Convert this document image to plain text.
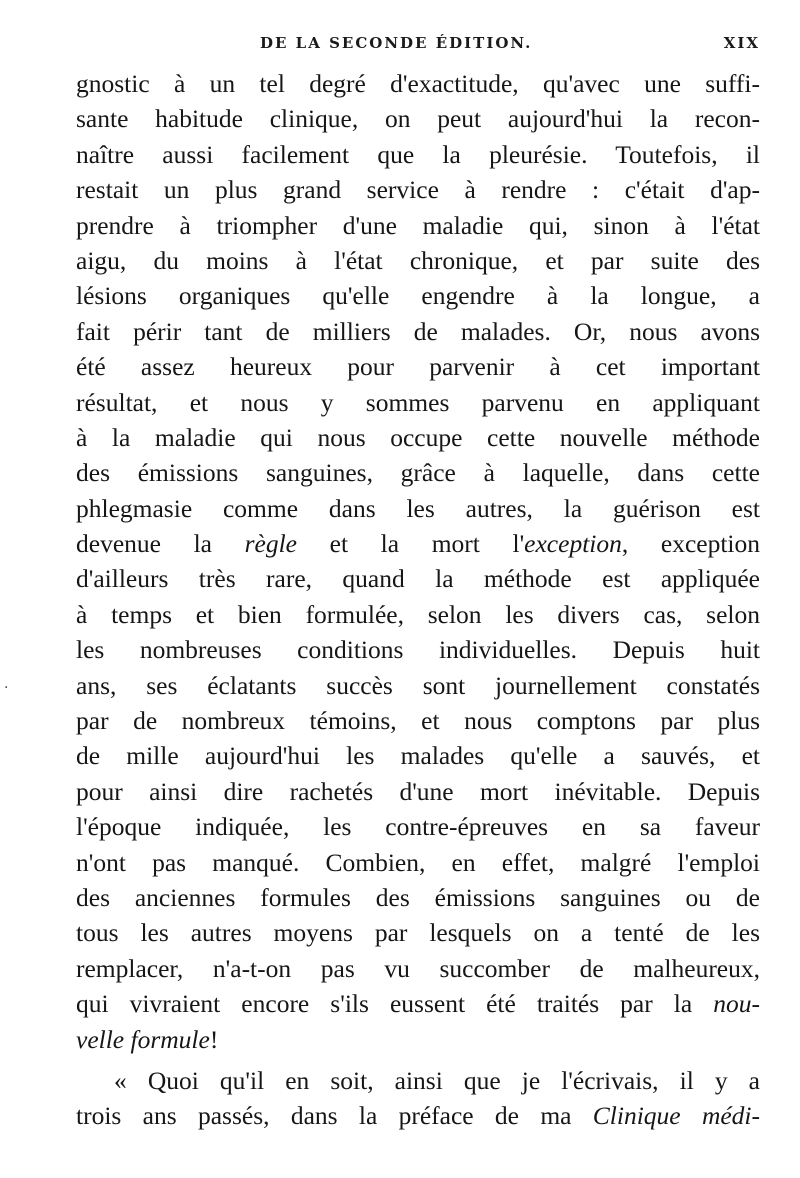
DE LA SECONDE ÉDITION.	XIX
gnostic à un tel degré d'exactitude, qu'avec une suffi-
sante habitude clinique, on peut aujourd'hui la recon-
naître aussi facilement que la pleurésie. Toutefois, il
restait un plus grand service à rendre : c'était d'ap-
prendre à triompher d'une maladie qui, sinon à l'état
aigu, du moins à l'état chronique, et par suite des
lésions organiques qu'elle engendre à la longue, a
fait périr tant de milliers de malades. Or, nous avons
été assez heureux pour parvenir à cet important
résultat, et nous y sommes parvenu en appliquant
à la maladie qui nous occupe cette nouvelle méthode
des émissions sanguines, grâce à laquelle, dans cette
phlegmasie comme dans les autres, la guérison est
devenue la règle et la mort l'exception, exception
d'ailleurs très rare, quand la méthode est appliquée
à temps et bien formulée, selon les divers cas, selon
les nombreuses conditions individuelles. Depuis huit
ans, ses éclatants succès sont journellement constatés
par de nombreux témoins, et nous comptons par plus
de mille aujourd'hui les malades qu'elle a sauvés, et
pour ainsi dire rachetés d'une mort inévitable. Depuis
l'époque indiquée, les contre-épreuves en sa faveur
n'ont pas manqué. Combien, en effet, malgré l'emploi
des anciennes formules des émissions sanguines ou de
tous les autres moyens par lesquels on a tenté de les
remplacer, n'a-t-on pas vu succomber de malheureux,
qui vivraient encore s'ils eussent été traités par la nou-
velle formule!
« Quoi qu'il en soit, ainsi que je l'écrivais, il y a
trois ans passés, dans la préface de ma Clinique médi-
·
